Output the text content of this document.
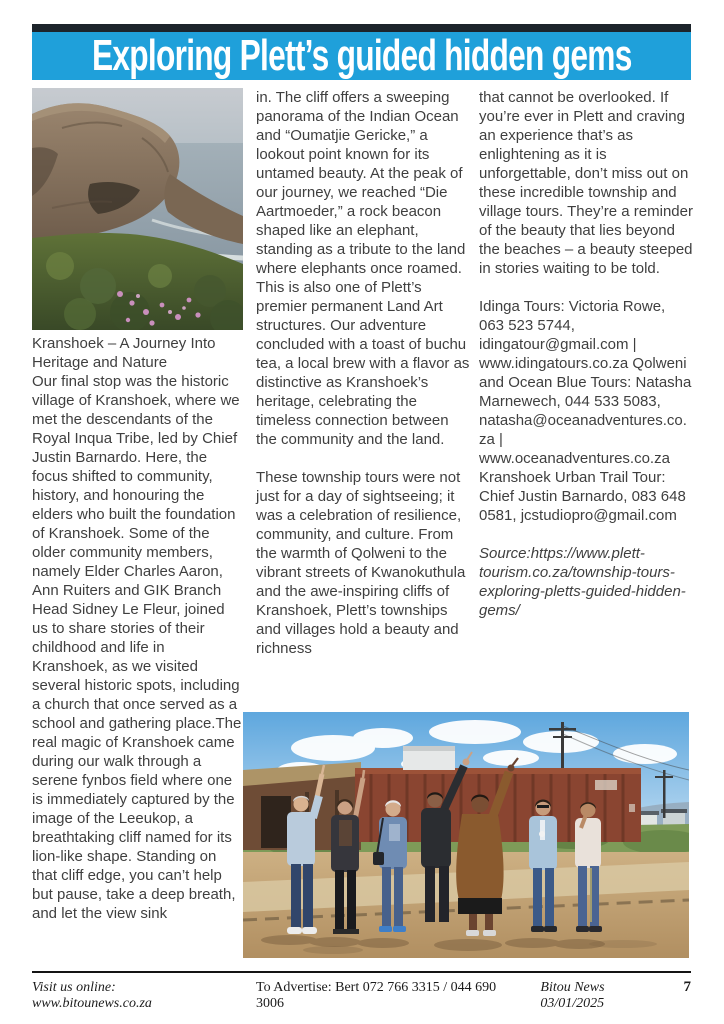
Exploring Plett’s guided hidden gems

Kranshoek – A Journey Into Heritage and Nature

Our final stop was the historic village of Kranshoek, where we met the descendants of the Royal Inqua Tribe, led by Chief Justin Barnardo. Here, the focus shifted to community, history, and honouring the elders who built the foundation of Kranshoek. Some of the older community members, namely Elder Charles Aaron, Ann Ruiters and GIK Branch Head Sidney Le Fleur, joined us to share stories of their childhood and life in Kranshoek, as we visited several historic spots, including a church that once served as a school and gathering place.The real magic of Kranshoek came during our walk through a serene fynbos field where one is immediately captured by the image of the Leeukop, a breathtaking cliff named for its lion-like shape. Standing on that cliff edge, you can’t help but pause, take a deep breath, and let the view sink

in. The cliff offers a sweeping panorama of the Indian Ocean and “Oumatjie Gericke,” a lookout point known for its untamed beauty. At the peak of our journey, we reached “Die Aartmoeder,” a rock beacon shaped like an elephant, standing as a tribute to the land where elephants once roamed. This is also one of Plett’s premier permanent Land Art structures. Our adventure concluded with a toast of buchu tea, a local brew with a flavor as distinctive as Kranshoek’s heritage, celebrating the timeless connection between the community and the land.

These township tours were not just for a day of sightseeing; it was a celebration of resilience, community, and culture. From the warmth of Qolweni to the vibrant streets of Kwanokuthula and the awe-inspiring cliffs of Kranshoek, Plett’s townships and villages hold a beauty and richness

that cannot be overlooked. If you’re ever in Plett and craving an experience that’s as enlightening as it is unforgettable, don’t miss out on these incredible township and village tours. They’re a reminder of the beauty that lies beyond the beaches – a beauty steeped in stories waiting to be told.

Idinga Tours: Victoria Rowe, 063 523 5744, idingatour@gmail.com | www.idingatours.co.za Qolweni and Ocean Blue Tours: Natasha Marnewech, 044 533 5083, natasha@oceanadventures.co.za | www.oceanadventures.co.za Kranshoek Urban Trail Tour: Chief Justin Barnardo, 083 648 0581, jcstudiopro@gmail.com

Source:https://www.plett-tourism.co.za/township-tours-exploring-pletts-guided-hidden-gems/

Visit us online: www.bitounews.co.za
To Advertise: Bert 072 766 3315 / 044 690 3006
Bitou News 03/01/2025
7
